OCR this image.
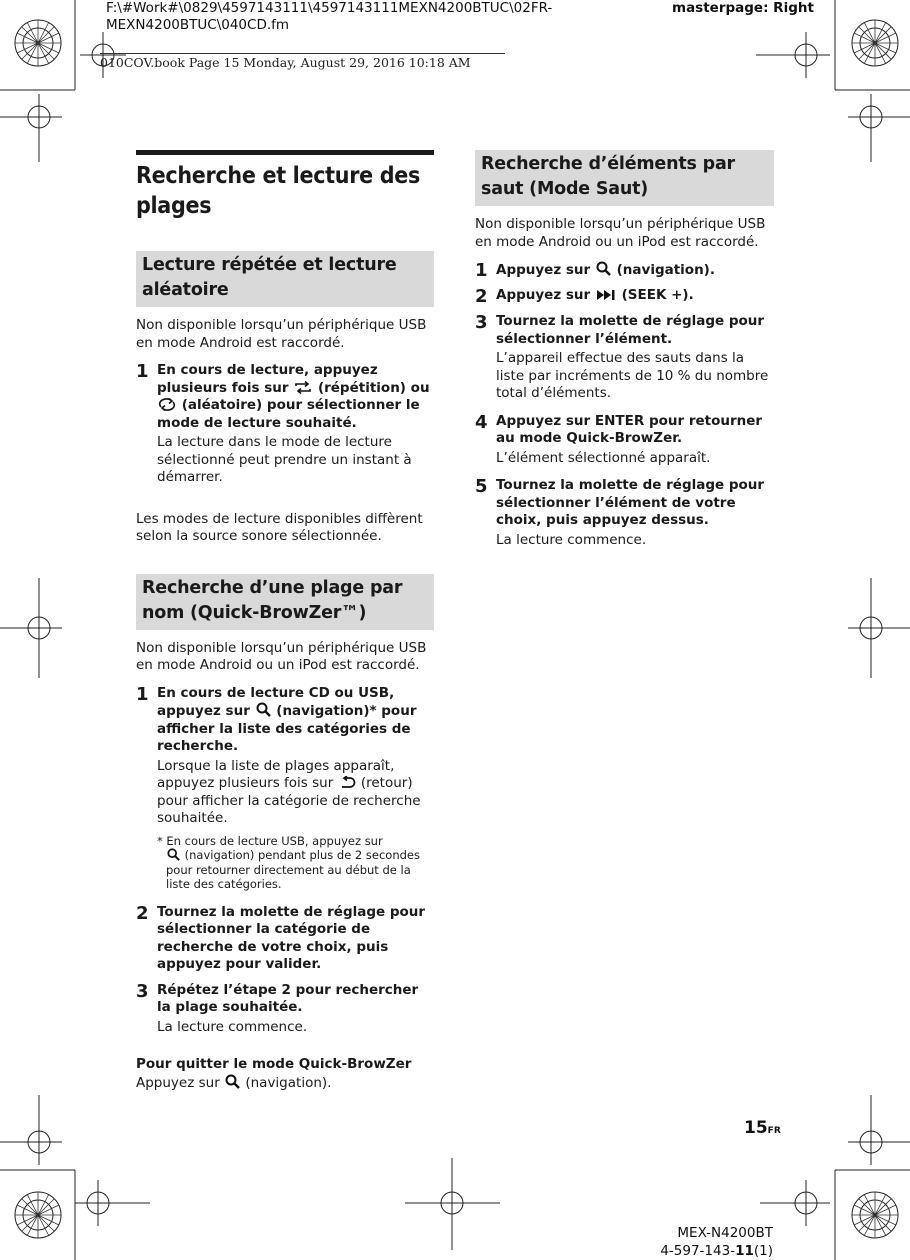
F:\#Work#\0829\4597143111\4597143111MEXN4200BTUC\02FR-
MEXN4200BTUC\040CD.fm
masterpage: Right
010COV.book Page 15 Monday, August 29, 2016 10:18 AM
Recherche et lecture des plages
Lecture répétée et lecture aléatoire

Non disponible lorsqu’un périphérique USB en mode Android est raccordé.

1 En cours de lecture, appuyez plusieurs fois sur (répétition) ou  (aléatoire) pour sélectionner le mode de lecture souhaité.

La lecture dans le mode de lecture sélectionné peut prendre un instant à démarrer.

Les modes de lecture disponibles diffèrent selon la source sonore sélectionnée.

Recherche d’une plage par nom (Quick-BrowZer™)

Non disponible lorsqu’un périphérique USB en mode Android ou un iPod est raccordé.

1 En cours de lecture CD ou USB, appuyez sur (navigation)* pour afficher la liste des catégories de recherche.

Lorsque la liste de plages apparaît, appuyez plusieurs fois sur (retour) pour afficher la catégorie de recherche souhaitée.

* En cours de lecture USB, appuyez sur
(navigation) pendant plus de 2 secondes pour retourner directement au début de la liste des catégories.

2 Tournez la molette de réglage pour sélectionner la catégorie de recherche de votre choix, puis appuyez pour valider.

3 Répétez l’étape 2 pour rechercher la plage souhaitée.

La lecture commence.

Pour quitter le mode Quick-BrowZer

Appuyez sur (navigation).

Recherche d’éléments par saut (Mode Saut)

Non disponible lorsqu’un périphérique USB en mode Android ou un iPod est raccordé.

1 Appuyez sur (navigation).

2 Appuyez sur (SEEK +).

3 Tournez la molette de réglage pour sélectionner l’élément.

L’appareil effectue des sauts dans la liste par incréments de 10 % du nombre total d’éléments.

4 Appuyez sur ENTER pour retourner au mode Quick-BrowZer.

L’élément sélectionné apparaît.

5 Tournez la molette de réglage pour sélectionner l’élément de votre choix, puis appuyez dessus.

La lecture commence.

15FR
MEX-N4200BT
4-597-143-11(1)
